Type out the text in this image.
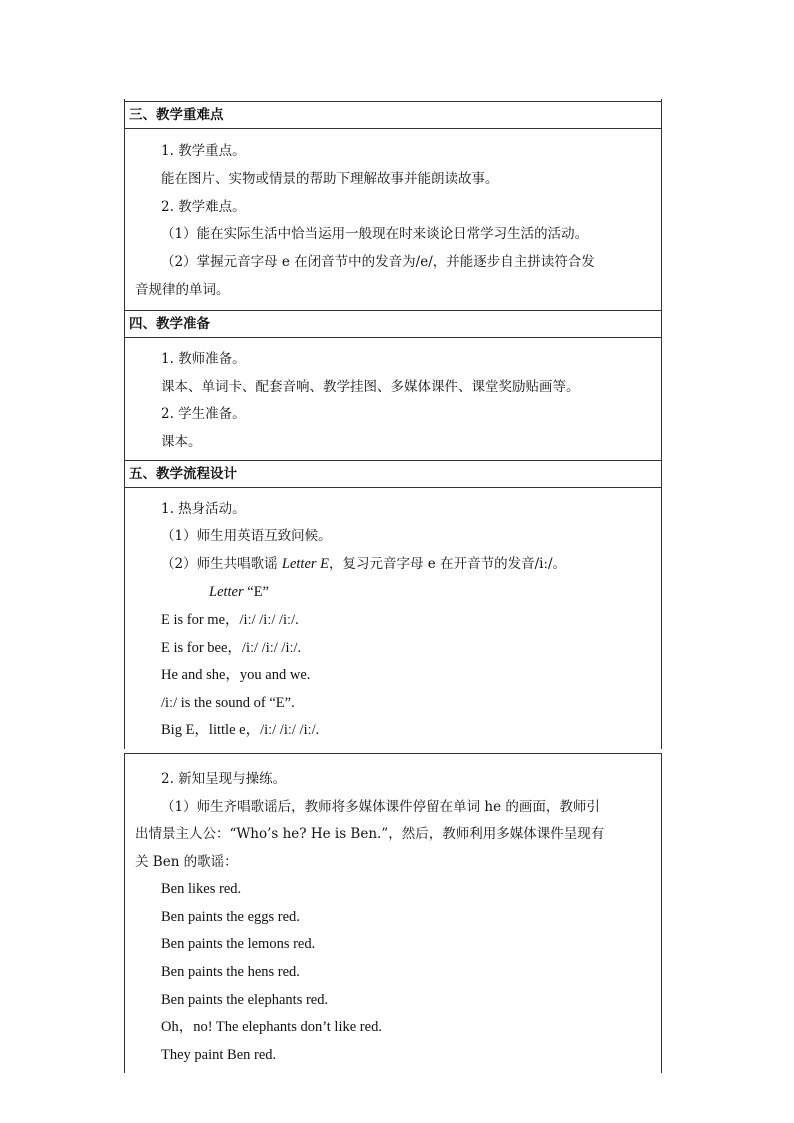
三、教学重难点
1. 教学重点。
能在图片、实物或情景的帮助下理解故事并能朗读故事。
2. 教学难点。
（1）能在实际生活中恰当运用一般现在时来谈论日常学习生活的活动。
（2）掌握元音字母 e 在闭音节中的发音为/e/，并能逐步自主拼读符合发
音规律的单词。
四、教学准备
1. 教师准备。
课本、单词卡、配套音响、教学挂图、多媒体课件、课堂奖励贴画等。
2. 学生准备。
课本。
五、教学流程设计
1. 热身活动。
（1）师生用英语互致问候。
（2）师生共唱歌谣 Letter E，复习元音字母 e 在开音节的发音/iː/。
Letter “E”
E is for me，/iː/ /iː/ /iː/.
E is for bee，/iː/ /iː/ /iː/.
He and she，you and we.
/iː/ is the sound of “E”.
Big E，little e，/iː/ /iː/ /iː/.
2. 新知呈现与操练。
（1）师生齐唱歌谣后，教师将多媒体课件停留在单词 he 的画面，教师引
出情景主人公：“Who’s he? He is Ben.”，然后，教师利用多媒体课件呈现有
关 Ben 的歌谣：
Ben likes red.
Ben paints the eggs red.
Ben paints the lemons red.
Ben paints the hens red.
Ben paints the elephants red.
Oh，no! The elephants don’t like red.
They paint Ben red.
